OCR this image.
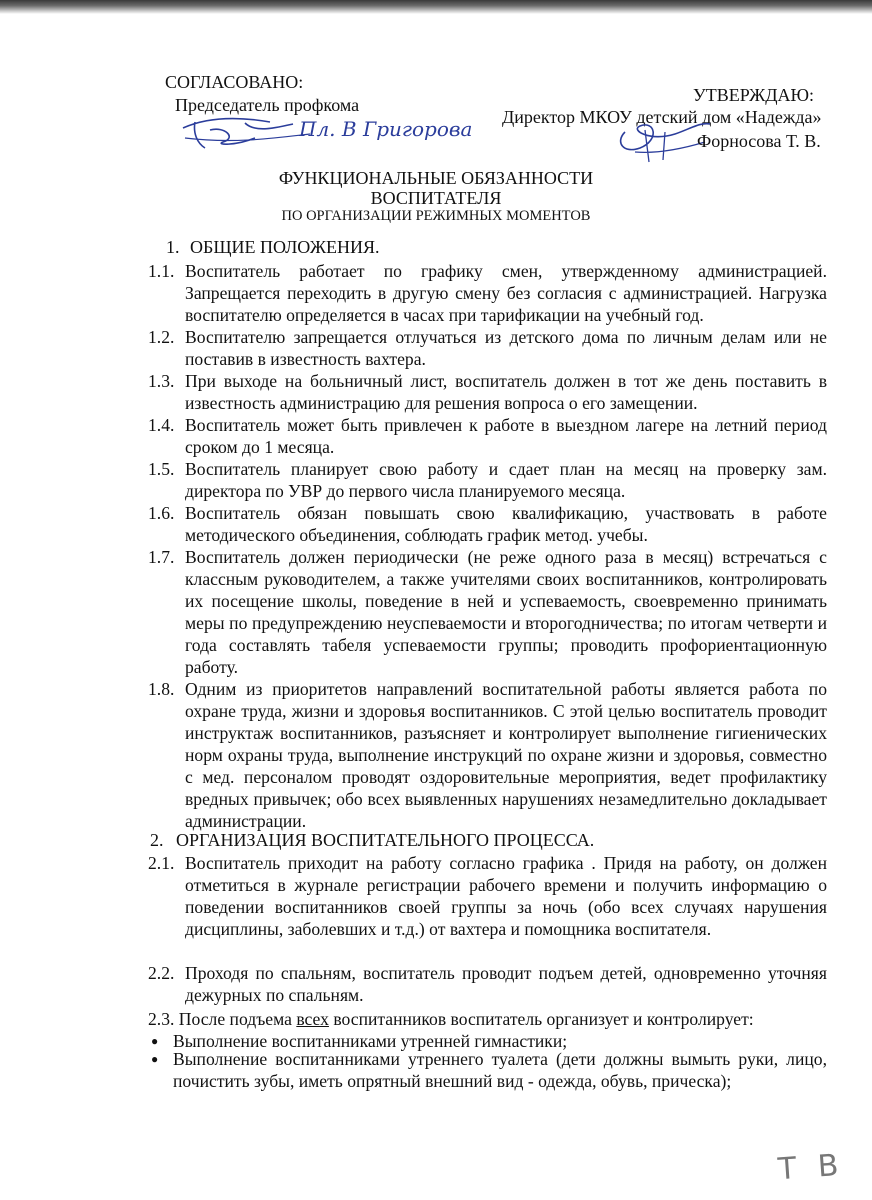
СОГЛАСОВАНО:
Председатель профкома
Пл. В Григорова
УТВЕРЖДАЮ:
Директор МКОУ детский дом «Надежда»
Форносова Т. В.
ФУНКЦИОНАЛЬНЫЕ ОБЯЗАННОСТИ
ВОСПИТАТЕЛЯ
ПО ОРГАНИЗАЦИИ РЕЖИМНЫХ МОМЕНТОВ
1. ОБЩИЕ ПОЛОЖЕНИЯ.
1.1. Воспитатель работает по графику смен, утвержденному администрацией. Запрещается переходить в другую смену без согласия с администрацией. Нагрузка воспитателю определяется в часах при тарификации на учебный год.
1.2. Воспитателю запрещается отлучаться из детского дома по личным делам или не поставив в известность вахтера.
1.3. При выходе на больничный лист, воспитатель должен в тот же день поставить в известность администрацию для решения вопроса о его замещении.
1.4. Воспитатель может быть привлечен к работе в выездном лагере на летний период сроком до 1 месяца.
1.5. Воспитатель планирует свою работу и сдает план на месяц на проверку зам. директора по УВР до первого числа планируемого месяца.
1.6. Воспитатель обязан повышать свою квалификацию, участвовать в работе методического объединения, соблюдать график метод. учебы.
1.7. Воспитатель должен периодически (не реже одного раза в месяц) встречаться с классным руководителем, а также учителями своих воспитанников, контролировать их посещение школы, поведение в ней и успеваемость, своевременно принимать меры по предупреждению неуспеваемости и второгодничества; по итогам четверти и года составлять табеля успеваемости группы; проводить профориентационную работу.
1.8. Одним из приоритетов направлений воспитательной работы является работа по охране труда, жизни и здоровья воспитанников. С этой целью воспитатель проводит инструктаж воспитанников, разъясняет и контролирует выполнение гигиенических норм охраны труда, выполнение инструкций по охране жизни и здоровья, совместно с мед. персоналом проводят оздоровительные мероприятия, ведет профилактику вредных привычек; обо всех выявленных нарушениях незамедлительно докладывает администрации.
2. ОРГАНИЗАЦИЯ ВОСПИТАТЕЛЬНОГО ПРОЦЕССА.
2.1. Воспитатель приходит на работу согласно графика . Придя на работу, он должен отметиться в журнале регистрации рабочего времени и получить информацию о поведении воспитанников своей группы за ночь (обо всех случаях нарушения дисциплины, заболевших и т.д.) от вахтера и помощника воспитателя.
2.2. Проходя по спальням, воспитатель проводит подъем детей, одновременно уточняя дежурных по спальням.
2.3. После подъема всех воспитанников воспитатель организует и контролирует:
● Выполнение воспитанниками утренней гимнастики;
● Выполнение воспитанниками утреннего туалета (дети должны вымыть руки, лицо, почистить зубы, иметь опрятный внешний вид - одежда, обувь, прическа);
Т В
